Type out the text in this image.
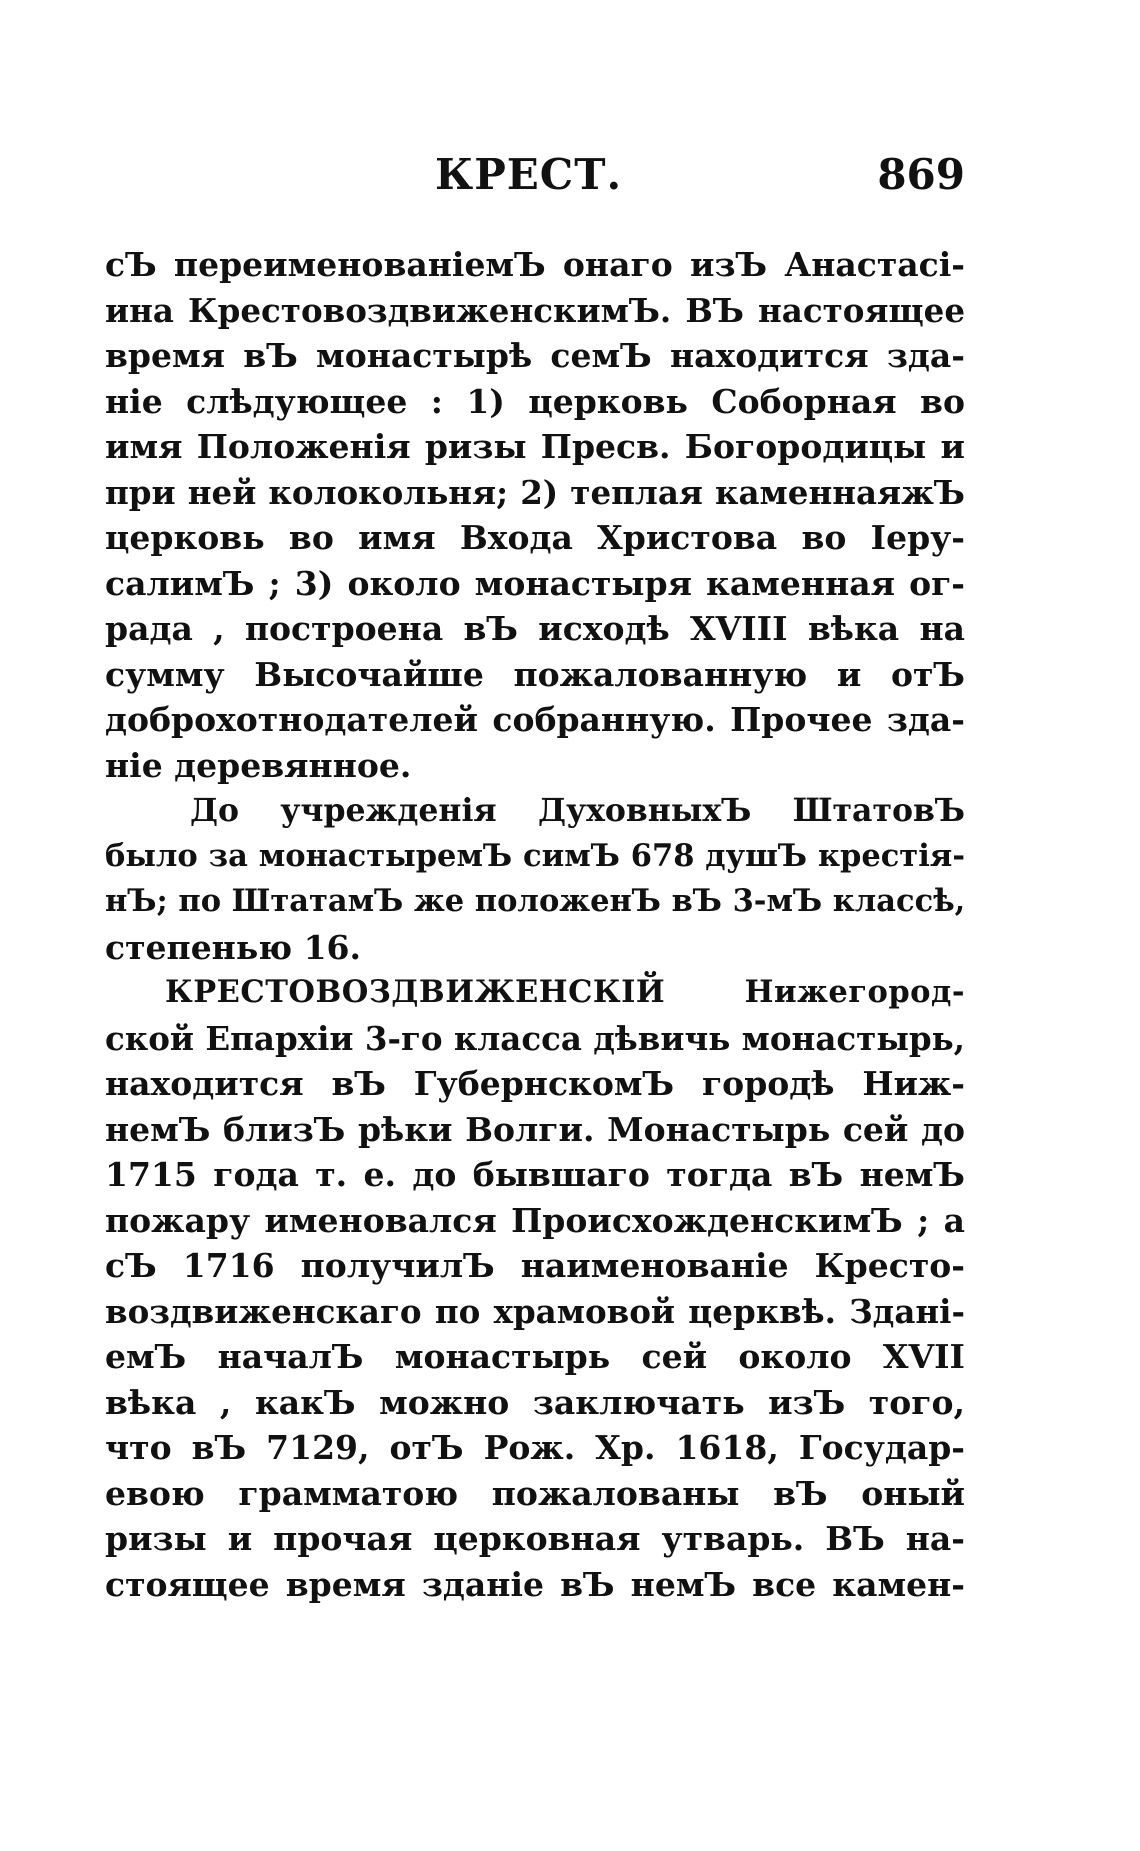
КРЕСТ.	869
сЪ переименованіемЪ онаго изЪ Анастасі-
ина КрестовоздвиженскимЪ. ВЪ настоящее
время вЪ монастырѣ семЪ находится зда-
ніе слѣдующее : 1) церковь Соборная во
имя Положенія ризы Пресв. Богородицы и
при ней колокольня; 2) теплая каменнаяжЪ
церковь во имя Входа Христова во Іеру-
салимЪ ; 3) около монастыря каменная ог-
рада , построена вЪ исходѣ XVIII вѣка на
сумму Высочайше пожалованную и отЪ
доброхотнодателей собранную. Прочее зда-
ніе деревянное.
До учрежденія ДуховныхЪ ШтатовЪ
было за монастыремЪ симЪ 678 душЪ крестія-
нЪ; по ШтатамЪ же положенЪ вЪ 3-мЪ классѣ,
степенью 16.
КРЕСТОВОЗДВИЖЕНСКІЙ Нижегород-
ской Епархіи 3-го класса дѣвичь монастырь,
находится вЪ ГубернскомЪ городѣ Ниж-
немЪ близЪ рѣки Волги. Монастырь сей до
1715 года т. е. до бывшаго тогда вЪ немЪ
пожару именовался ПроисхожденскимЪ ; а
сЪ 1716 получилЪ наименованіе Кресто-
воздвиженскаго по храмовой церквѣ. Здані-
емЪ началЪ монастырь сей около XVII
вѣка , какЪ можно заключать изЪ того,
что вЪ 7129, отЪ Рож. Хр. 1618, Государ-
евою грамматою пожалованы вЪ оный
ризы и прочая церковная утварь. ВЪ на-
стоящее время зданіе вЪ немЪ все камен-
